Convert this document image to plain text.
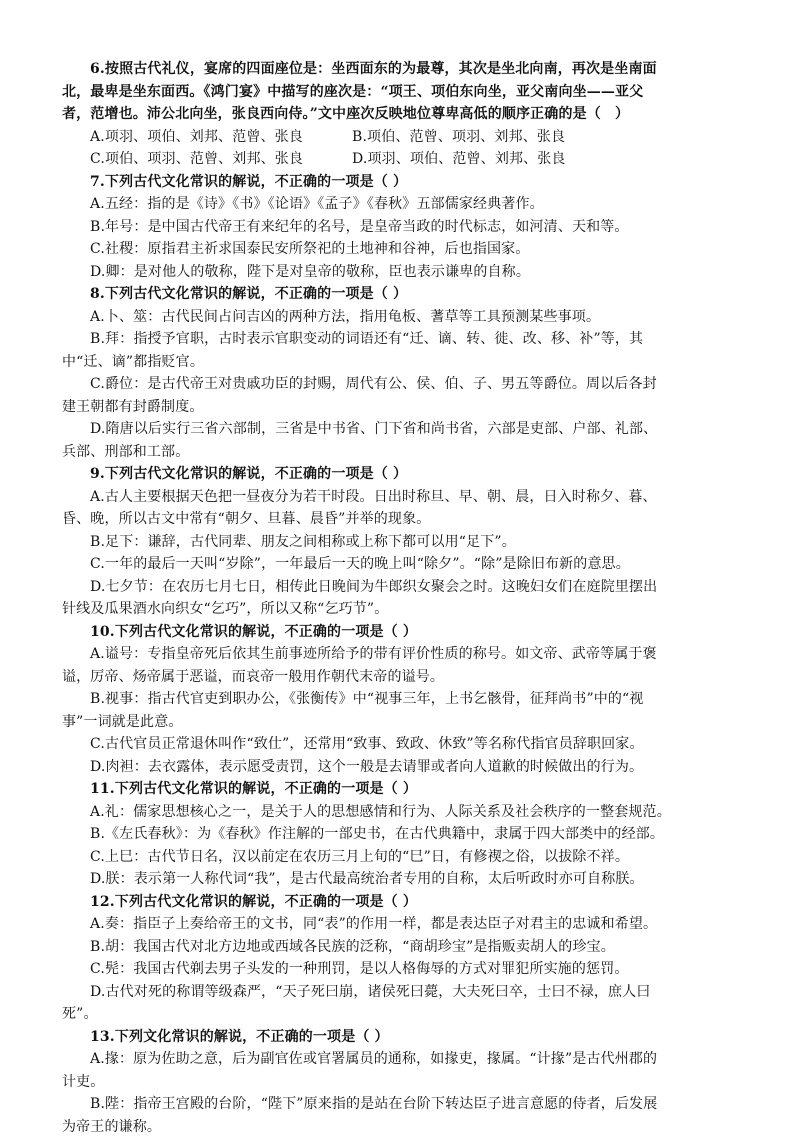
6.按照古代礼仪，宴席的四面座位是：坐西面东的为最尊，其次是坐北向南，再次是坐南面
北，最卑是坐东面西。《鸿门宴》中描写的座次是：“项王、项伯东向坐，亚父南向坐——亚父
者，范增也。沛公北向坐，张良西向侍。”文中座次反映地位尊卑高低的顺序正确的是（　）
A.项羽、项伯、刘邦、范曾、张良	B.项伯、范曾、项羽、刘邦、张良
C.项伯、项羽、范曾、刘邦、张良	D.项羽、项伯、范曾、刘邦、张良
7.下列古代文化常识的解说，不正确的一项是（ ）
A.五经：指的是《诗》《书》《论语》《孟子》《春秋》五部儒家经典著作。
B.年号：是中国古代帝王有来纪年的名号，是皇帝当政的时代标志，如河清、天和等。
C.社稷：原指君主祈求国泰民安所祭祀的土地神和谷神，后也指国家。
D.卿：是对他人的敬称，陛下是对皇帝的敬称，臣也表示谦卑的自称。
8.下列古代文化常识的解说，不正确的一项是（ ）
A.卜、筮：古代民间占问吉凶的两种方法，指用龟板、蓍草等工具预测某些事项。
B.拜：指授予官职，古时表示官职变动的词语还有“迁、谪、转、徙、改、移、补”等，其
中“迁、谪”都指贬官。
C.爵位：是古代帝王对贵戚功臣的封赐，周代有公、侯、伯、子、男五等爵位。周以后各封
建王朝都有封爵制度。
D.隋唐以后实行三省六部制，三省是中书省、门下省和尚书省，六部是吏部、户部、礼部、
兵部、刑部和工部。
9.下列古代文化常识的解说，不正确的一项是（ ）
A.古人主要根据天色把一昼夜分为若干时段。日出时称旦、早、朝、晨，日入时称夕、暮、
昏、晚，所以古文中常有“朝夕、旦暮、晨昏”并举的现象。
B.足下：谦辞，古代同辈、朋友之间相称或上称下都可以用“足下”。
C.一年的最后一天叫“岁除”，一年最后一天的晚上叫“除夕”。“除”是除旧布新的意思。
D.七夕节：在农历七月七日，相传此日晚间为牛郎织女聚会之时。这晚妇女们在庭院里摆出
针线及瓜果酒水向织女“乞巧”，所以又称“乞巧节”。
10.下列古代文化常识的解说，不正确的一项是（ ）
A.谥号：专指皇帝死后依其生前事迹所给予的带有评价性质的称号。如文帝、武帝等属于褒
谥，厉帝、炀帝属于恶谥，而哀帝一般用作朝代末帝的谥号。
B.视事：指古代官吏到职办公，《张衡传》中“视事三年，上书乞骸骨，征拜尚书”中的“视
事”一词就是此意。
C.古代官员正常退休叫作“致仕”，还常用“致事、致政、休致”等名称代指官员辞职回家。
D.肉袒：去衣露体，表示愿受责罚，这个一般是去请罪或者向人道歉的时候做出的行为。
11.下列古代文化常识的解说，不正确的一项是（ ）
A.礼：儒家思想核心之一，是关于人的思想感情和行为、人际关系及社会秩序的一整套规范。
B.《左氏春秋》：为《春秋》作注解的一部史书，在古代典籍中，隶属于四大部类中的经部。
C.上巳：古代节日名，汉以前定在农历三月上旬的“巳”日，有修禊之俗，以拔除不祥。
D.朕：表示第一人称代词“我”，是古代最高统治者专用的自称，太后听政时亦可自称朕。
12.下列古代文化常识的解说，不正确的一项是（ ）
A.奏：指臣子上奏给帝王的文书，同“表”的作用一样，都是表达臣子对君主的忠诚和希望。
B.胡：我国古代对北方边地或西域各民族的泛称，“商胡珍宝”是指贩卖胡人的珍宝。
C.髡：我国古代剃去男子头发的一种刑罚，是以人格侮辱的方式对罪犯所实施的惩罚。
D.古代对死的称谓等级森严，“天子死曰崩，诸侯死曰薨，大夫死曰卒，士曰不禄，庶人曰
死”。
13.下列文化常识的解说，不正确的一项是（ ）
A.掾：原为佐助之意，后为副官佐或官署属员的通称，如掾吏，掾属。“计掾”是古代州郡的
计吏。
B.陛：指帝王宫殿的台阶，“陛下”原来指的是站在台阶下转达臣子进言意愿的侍者，后发展
为帝王的谦称。
